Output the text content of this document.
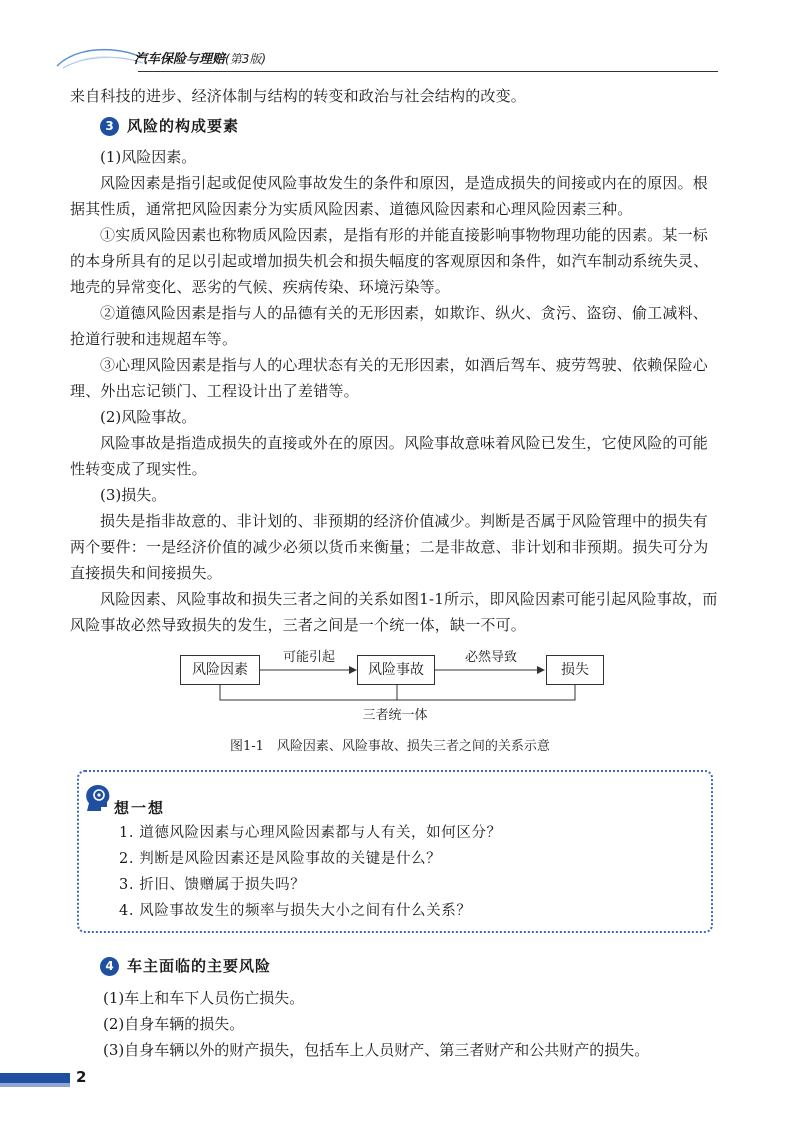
汽车保险与理赔(第3版)
来自科技的进步、经济体制与结构的转变和政治与社会结构的改变。
3 风险的构成要素
(1)风险因素。
风险因素是指引起或促使风险事故发生的条件和原因，是造成损失的间接或内在的原因。根据其性质，通常把风险因素分为实质风险因素、道德风险因素和心理风险因素三种。
①实质风险因素也称物质风险因素，是指有形的并能直接影响事物物理功能的因素。某一标的本身所具有的足以引起或增加损失机会和损失幅度的客观原因和条件，如汽车制动系统失灵、地壳的异常变化、恶劣的气候、疾病传染、环境污染等。
②道德风险因素是指与人的品德有关的无形因素，如欺诈、纵火、贪污、盗窃、偷工减料、抢道行驶和违规超车等。
③心理风险因素是指与人的心理状态有关的无形因素，如酒后驾车、疲劳驾驶、依赖保险心理、外出忘记锁门、工程设计出了差错等。
(2)风险事故。
风险事故是指造成损失的直接或外在的原因。风险事故意味着风险已发生，它使风险的可能性转变成了现实性。
(3)损失。
损失是指非故意的、非计划的、非预期的经济价值减少。判断是否属于风险管理中的损失有两个要件：一是经济价值的减少必须以货币来衡量；二是非故意、非计划和非预期。损失可分为直接损失和间接损失。
风险因素、风险事故和损失三者之间的关系如图1-1所示，即风险因素可能引起风险事故，而风险事故必然导致损失的发生，三者之间是一个统一体，缺一不可。
风险因素	风险事故	损失
可能引起	必然导致
三者统一体
图1-1　风险因素、风险事故、损失三者之间的关系示意
想一想
1. 道德风险因素与心理风险因素都与人有关，如何区分？
2. 判断是风险因素还是风险事故的关键是什么？
3. 折旧、馈赠属于损失吗？
4. 风险事故发生的频率与损失大小之间有什么关系？
4 车主面临的主要风险
(1)车上和车下人员伤亡损失。
(2)自身车辆的损失。
(3)自身车辆以外的财产损失，包括车上人员财产、第三者财产和公共财产的损失。
2
